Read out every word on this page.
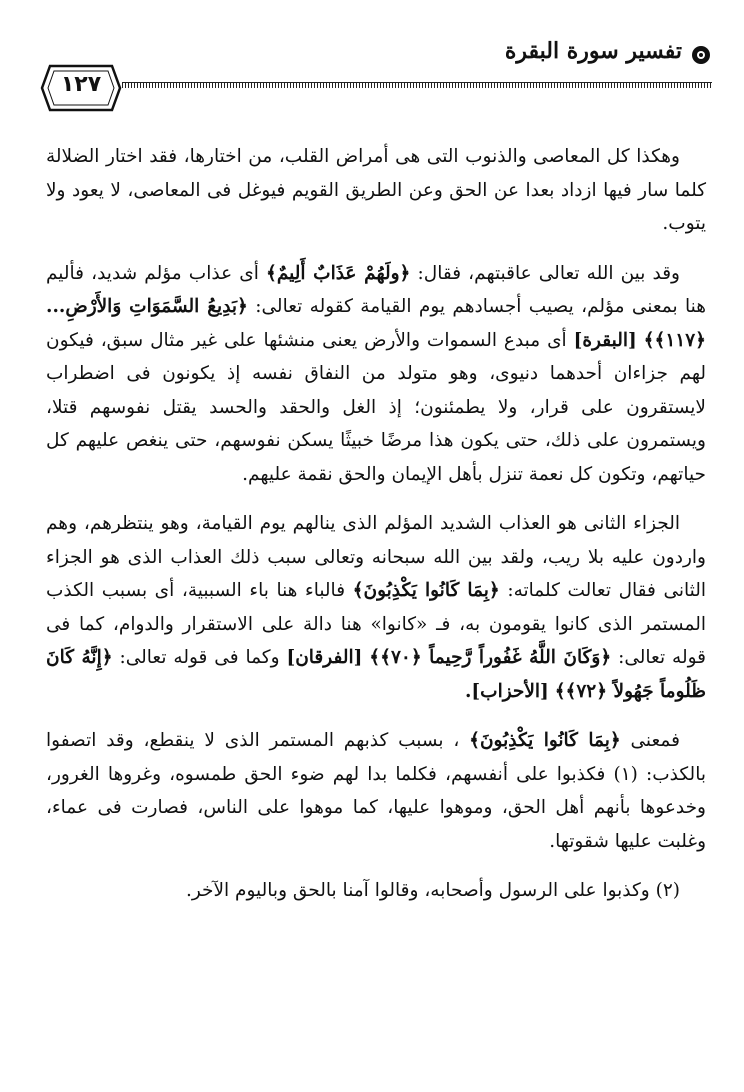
تفسير سورة البقرة
١٢٧

وهكذا كل المعاصى والذنوب التى هى أمراض القلب، من اختارها، فقد اختار الضلالة كلما سار فيها ازداد بعدا عن الحق وعن الطريق القويم فيوغل فى المعاصى، لا يعود ولا يتوب.

وقد بين الله تعالى عاقبتهم، فقال: ﴿ولَهُمْ عَذَابٌ أَلِيمٌ﴾ أى عذاب مؤلم شديد، فأليم هنا بمعنى مؤلم، يصيب أجسادهم يوم القيامة كقوله تعالى: ﴿بَدِيعُ السَّمَوَاتِ وَالأَرْضِ... ﴿١١٧﴾﴾ [البقرة] أى مبدع السموات والأرض يعنى منشئها على غير مثال سبق، فيكون لهم جزاءان أحدهما دنيوى، وهو متولد من النفاق نفسه إذ يكونون فى اضطراب لايستقرون على قرار، ولا يطمئنون؛ إذ الغل والحقد والحسد يقتل نفوسهم قتلا، ويستمرون على ذلك، حتى يكون هذا مرضًا خبيثًا يسكن نفوسهم، حتى ينغص عليهم كل حياتهم، وتكون كل نعمة تنزل بأهل الإيمان والحق نقمة عليهم.

الجزاء الثانى هو العذاب الشديد المؤلم الذى ينالهم يوم القيامة، وهو ينتظرهم، وهم واردون عليه بلا ريب، ولقد بين الله سبحانه وتعالى سبب ذلك العذاب الذى هو الجزاء الثانى فقال تعالت كلماته: ﴿بِمَا كَانُوا يَكْذِبُونَ﴾ فالباء هنا باء السببية، أى بسبب الكذب المستمر الذى كانوا يقومون به، فـ «كانوا» هنا دالة على الاستقرار والدوام، كما فى قوله تعالى: ﴿وَكَانَ اللَّهُ غَفُوراً رَّحِيماً ﴿٧٠﴾﴾ [الفرقان] وكما فى قوله تعالى: ﴿إِنَّهُ كَانَ ظَلُوماً جَهُولاً ﴿٧٢﴾﴾ [الأحزاب].

فمعنى ﴿بِمَا كَانُوا يَكْذِبُونَ﴾ ، بسبب كذبهم المستمر الذى لا ينقطع، وقد اتصفوا بالكذب: (١) فكذبوا على أنفسهم، فكلما بدا لهم ضوء الحق طمسوه، وغروها الغرور، وخدعوها بأنهم أهل الحق، وموهوا عليها، كما موهوا على الناس، فصارت فى عماء، وغلبت عليها شقوتها.

(٢) وكذبوا على الرسول وأصحابه، وقالوا آمنا بالحق وباليوم الآخر.
